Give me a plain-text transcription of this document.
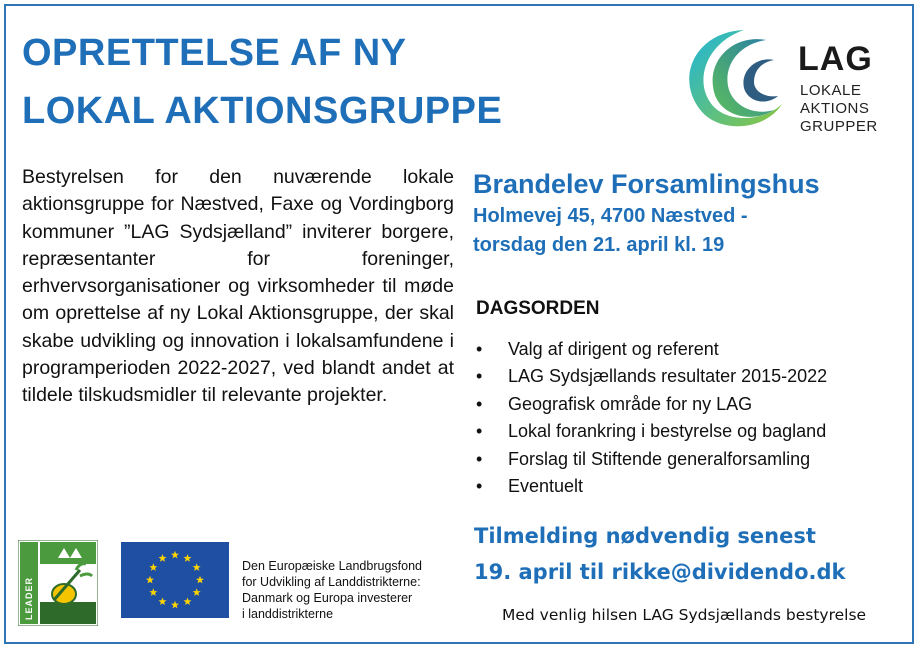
OPRETTELSE AF NY
LOKAL AKTIONSGRUPPE
LAG
LOKALE
AKTIONS
GRUPPER

Bestyrelsen for den nuværende lokale aktionsgruppe for Næstved, Faxe og Vordingborg kommuner ”LAG Sydsjælland” inviterer borgere, repræsentanter for foreninger, erhvervsorganisationer og virksomheder til møde om oprettelse af ny Lokal Aktionsgruppe, der skal skabe udvikling og innovation i lokalsamfundene i programperioden 2022-2027, ved blandt andet at tildele tilskudsmidler til relevante projekter.

Brandelev Forsamlingshus
Holmevej 45, 4700 Næstved -
torsdag den 21. april kl. 19
DAGSORDEN
• Valg af dirigent og referent
• LAG Sydsjællands resultater 2015-2022
• Geografisk område for ny LAG
• Lokal forankring i bestyrelse og bagland
• Forslag til Stiftende generalforsamling
• Eventuelt
Tilmelding nødvendig senest
19. april til rikke@dividendo.dk
Med venlig hilsen LAG Sydsjællands bestyrelse
LEADER
Den Europæiske Landbrugsfond
for Udvikling af Landdistrikterne:
Danmark og Europa investerer
i landdistrikterne
